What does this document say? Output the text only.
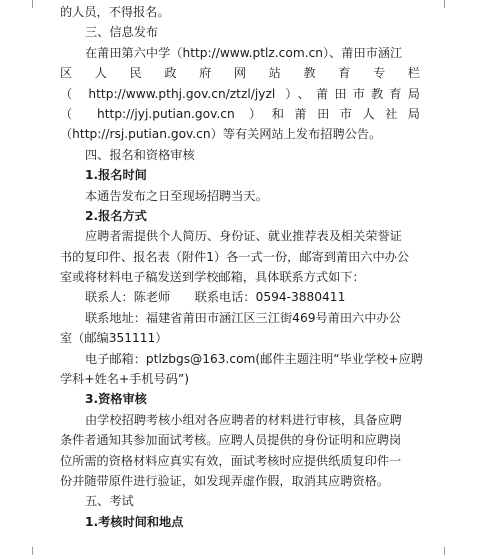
的人员，不得报名。
三、信息发布
在莆田第六中学（http://www.ptlz.com.cn）、莆田市涵江
区　人　民　政　府　网　站　教　育　专　栏
（ http://www.pthj.gov.cn/ztzl/jyzl ）、莆田市教育局
（ http://jyj.putian.gov.cn ）和莆田市人社局
（http://rsj.putian.gov.cn）等有关网站上发布招聘公告。
四、报名和资格审核
1.报名时间
本通告发布之日至现场招聘当天。
2.报名方式
应聘者需提供个人简历、身份证、就业推荐表及相关荣誉证
书的复印件、报名表（附件1）各一式一份，邮寄到莆田六中办公
室或将材料电子稿发送到学校邮箱，具体联系方式如下：
联系人：陈老师　　联系电话：0594-3880411
联系地址：福建省莆田市涵江区三江街469号莆田六中办公
室（邮编351111）
电子邮箱：ptlzbgs@163.com(邮件主题注明“毕业学校+应聘
学科+姓名+手机号码”)
3.资格审核
由学校招聘考核小组对各应聘者的材料进行审核，具备应聘
条件者通知其参加面试考核。应聘人员提供的身份证明和应聘岗
位所需的资格材料应真实有效，面试考核时应提供纸质复印件一
份并随带原件进行验证，如发现弄虚作假，取消其应聘资格。
五、考试
1.考核时间和地点
